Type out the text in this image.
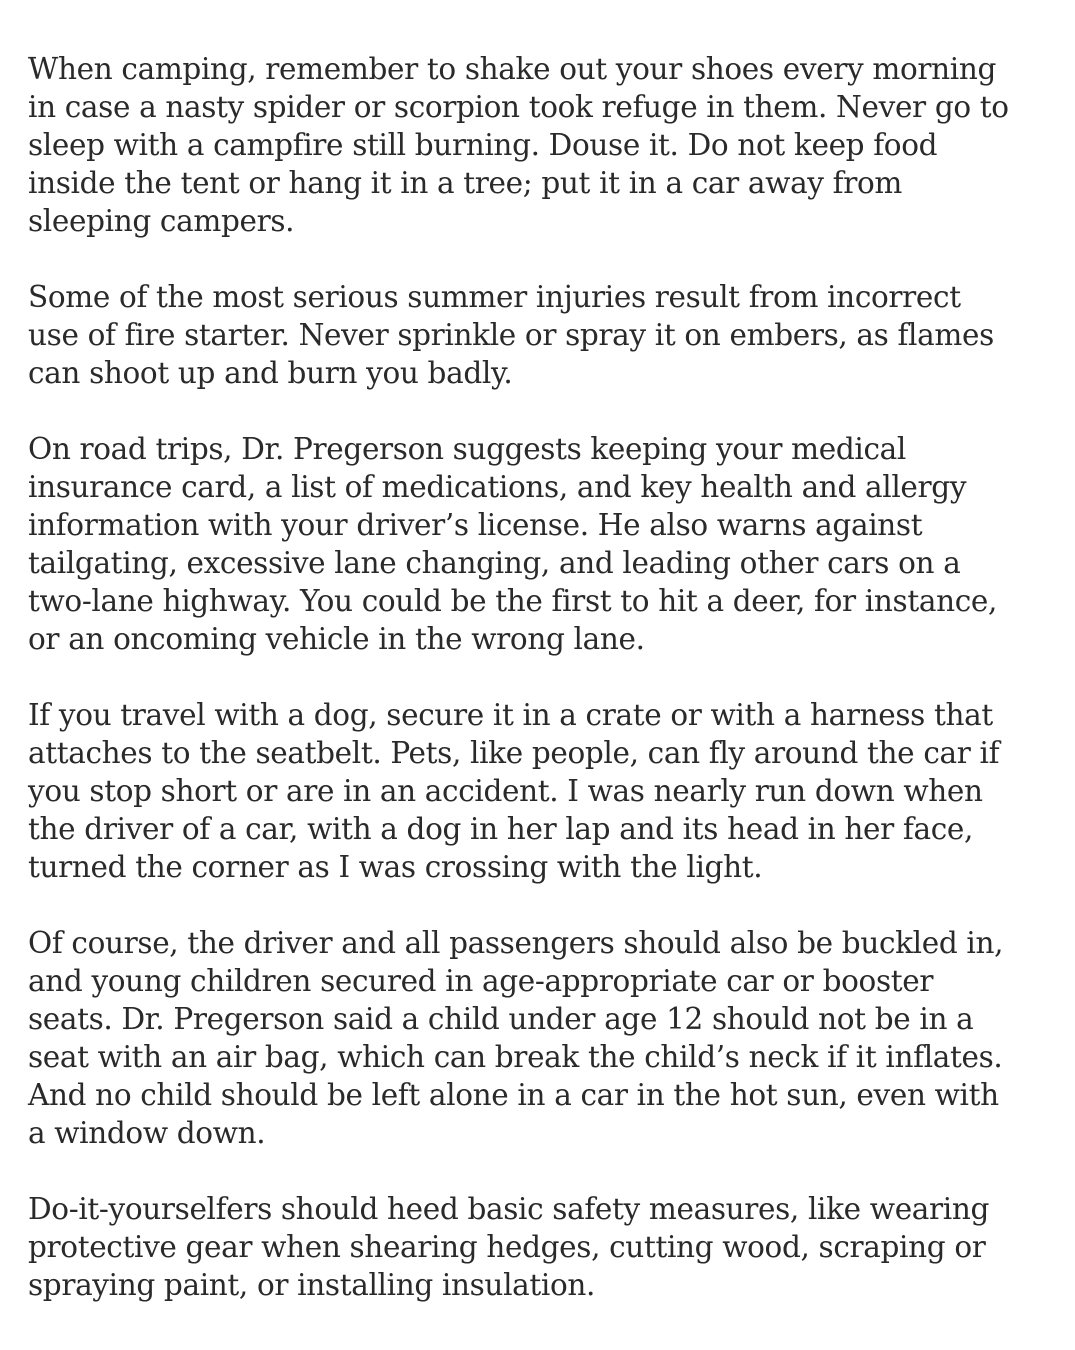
When camping, remember to shake out your shoes every morning
in case a nasty spider or scorpion took refuge in them. Never go to
sleep with a campfire still burning. Douse it. Do not keep food
inside the tent or hang it in a tree; put it in a car away from
sleeping campers.

Some of the most serious summer injuries result from incorrect
use of fire starter. Never sprinkle or spray it on embers, as flames
can shoot up and burn you badly.

On road trips, Dr. Pregerson suggests keeping your medical
insurance card, a list of medications, and key health and allergy
information with your driver’s license. He also warns against
tailgating, excessive lane changing, and leading other cars on a
two-lane highway. You could be the first to hit a deer, for instance,
or an oncoming vehicle in the wrong lane.

If you travel with a dog, secure it in a crate or with a harness that
attaches to the seatbelt. Pets, like people, can fly around the car if
you stop short or are in an accident. I was nearly run down when
the driver of a car, with a dog in her lap and its head in her face,
turned the corner as I was crossing with the light.

Of course, the driver and all passengers should also be buckled in,
and young children secured in age-appropriate car or booster
seats. Dr. Pregerson said a child under age 12 should not be in a
seat with an air bag, which can break the child’s neck if it inflates.
And no child should be left alone in a car in the hot sun, even with
a window down.

Do-it-yourselfers should heed basic safety measures, like wearing
protective gear when shearing hedges, cutting wood, scraping or
spraying paint, or installing insulation.
